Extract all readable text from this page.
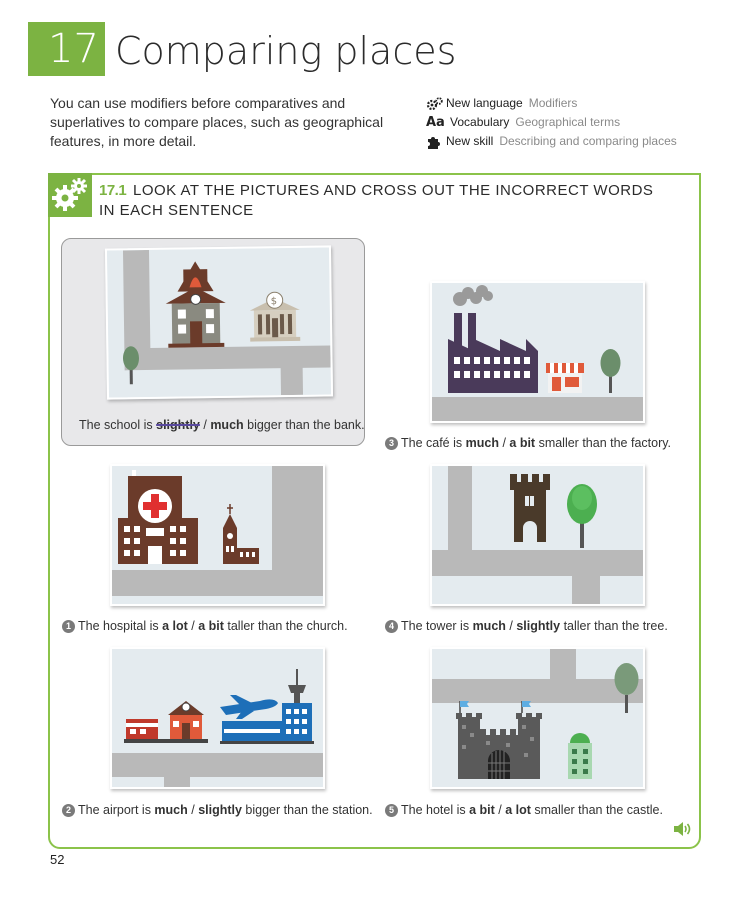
17 Comparing places
You can use modifiers before comparatives and superlatives to compare places, such as geographical features, in more detail.
New language Modifiers
Aa Vocabulary Geographical terms
New skill Describing and comparing places
17.1 LOOK AT THE PICTURES AND CROSS OUT THE INCORRECT WORDS
IN EACH SENTENCE
$
The school is slightly / much bigger than the bank.
3 The café is much / a bit smaller than the factory.
1 The hospital is a lot / a bit taller than the church.	4 The tower is much / slightly taller than the tree.
2 The airport is much / slightly bigger than the station.	5 The hotel is a bit / a lot smaller than the castle.
52
